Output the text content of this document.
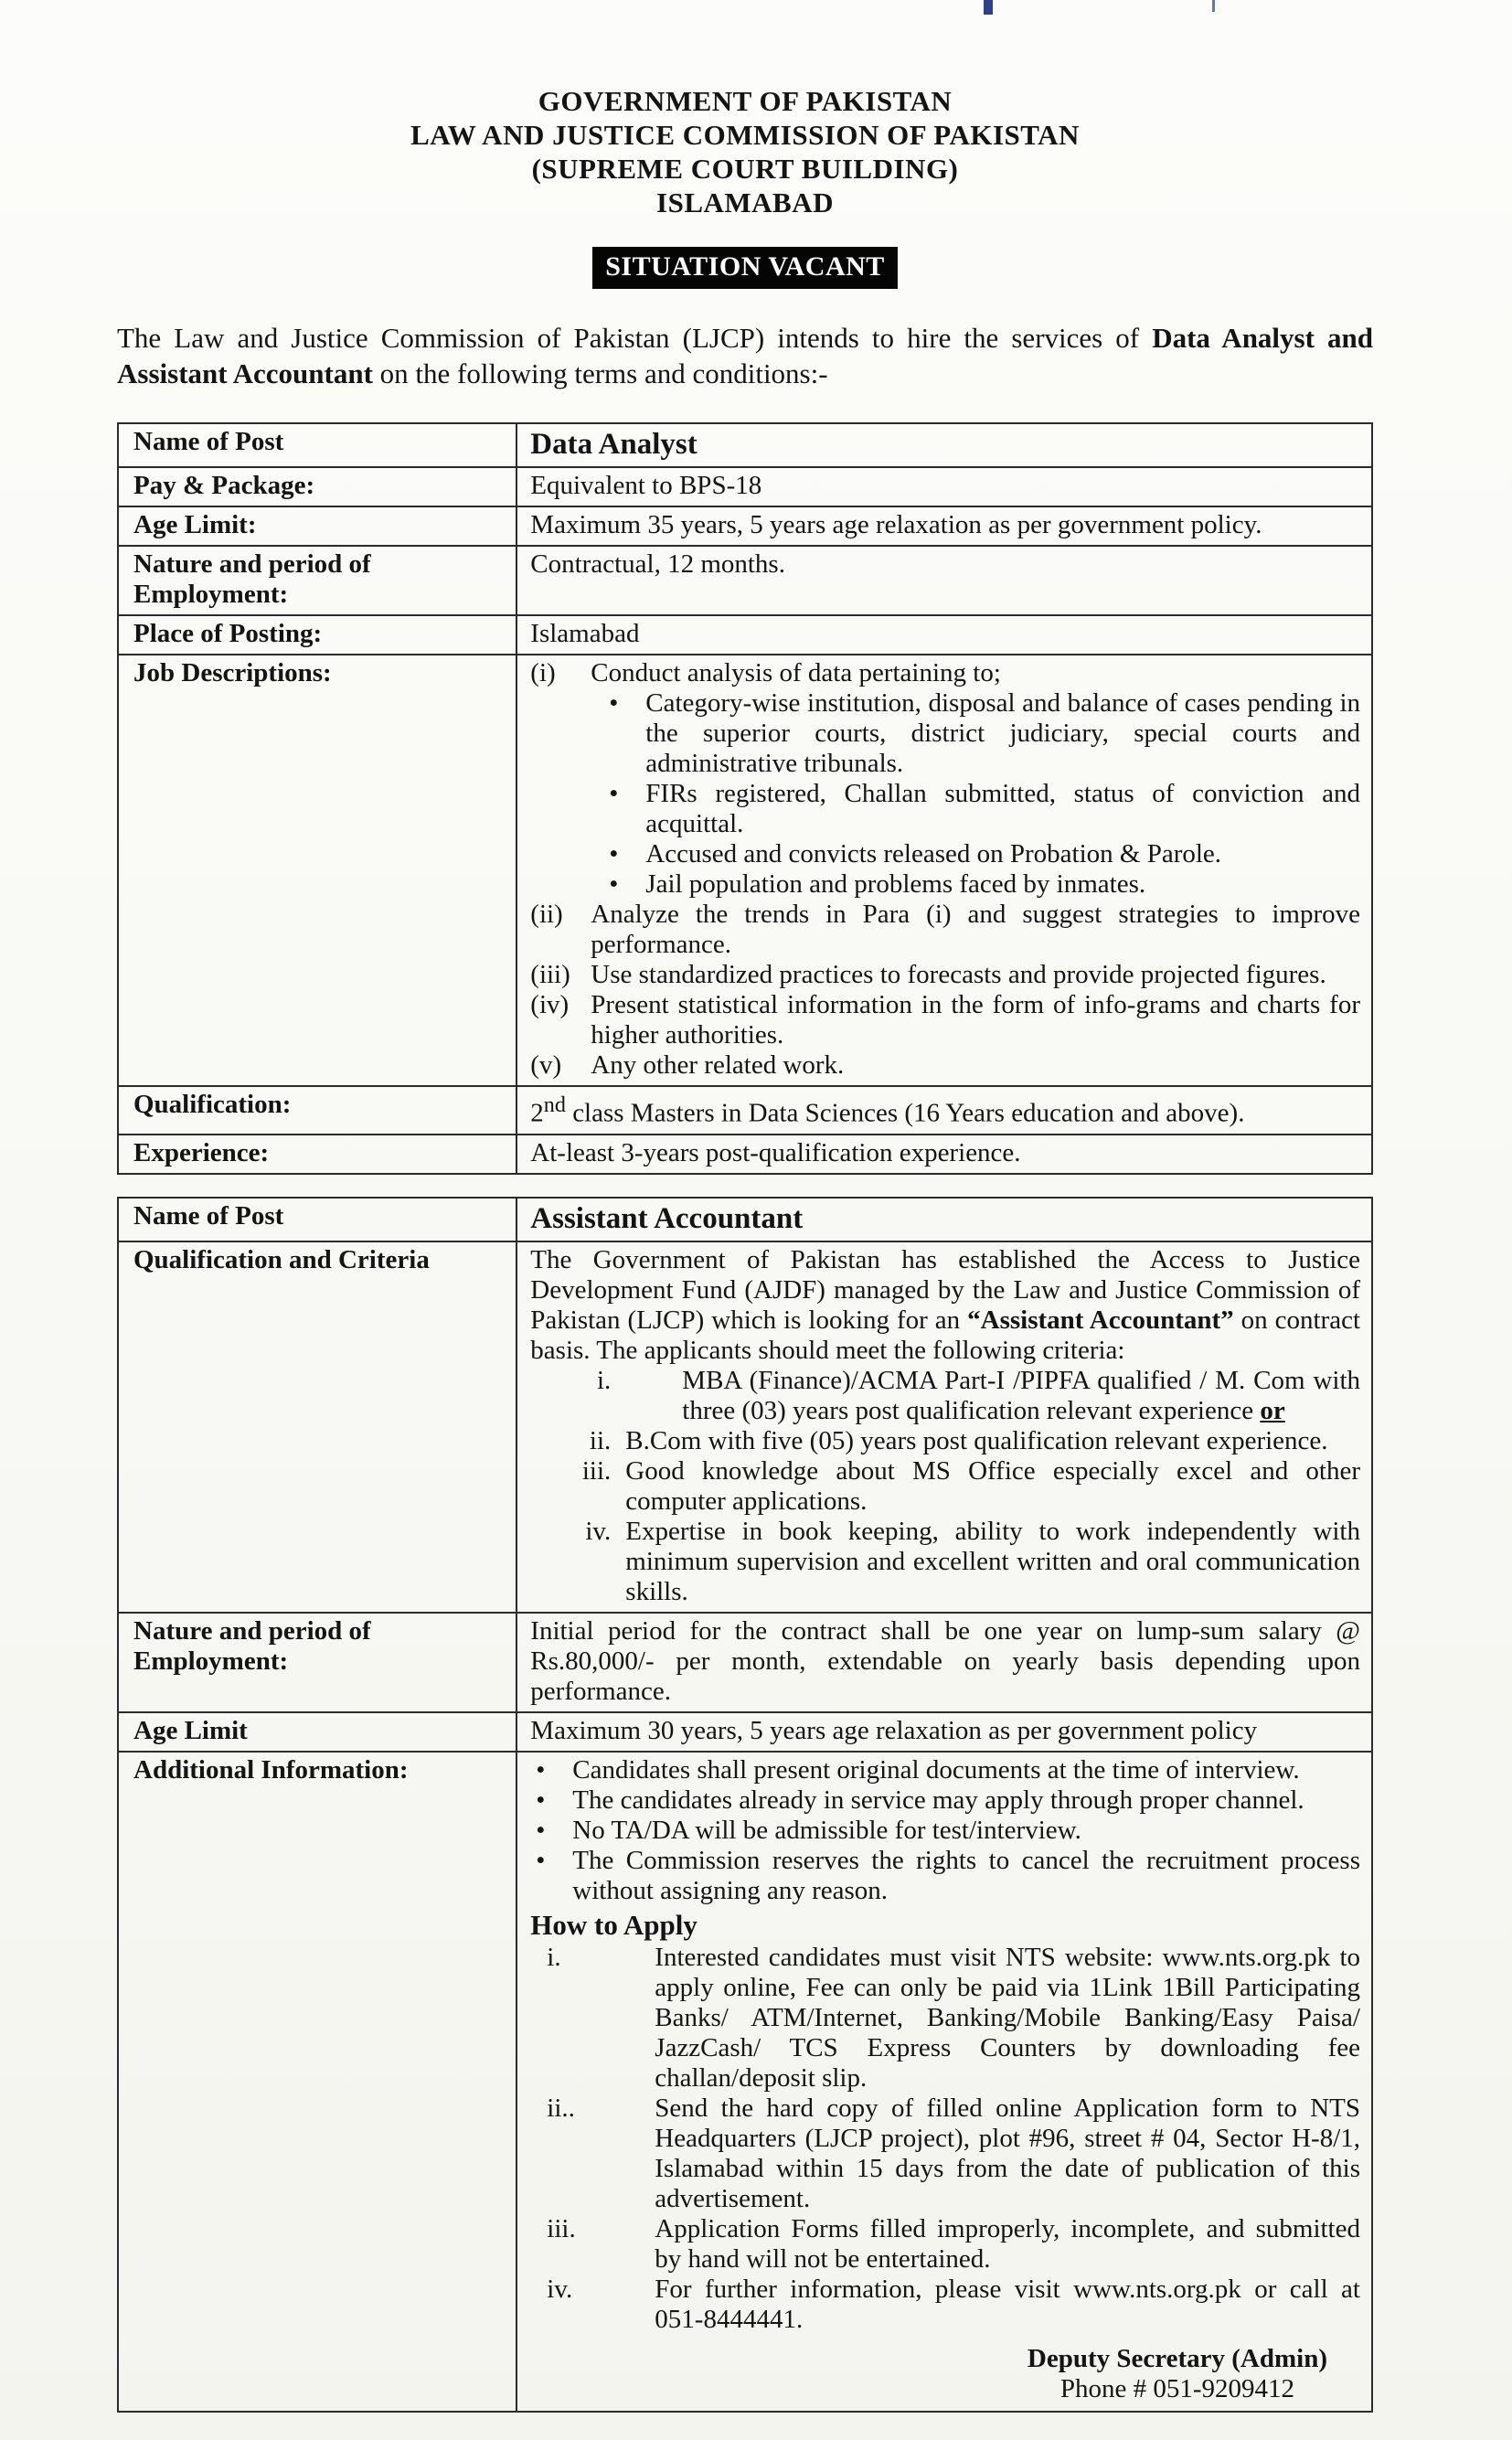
GOVERNMENT OF PAKISTAN
LAW AND JUSTICE COMMISSION OF PAKISTAN
(SUPREME COURT BUILDING)
ISLAMABAD
SITUATION VACANT

The Law and Justice Commission of Pakistan (LJCP) intends to hire the services of Data Analyst and Assistant Accountant on the following terms and conditions:-

Name of Post	Data Analyst
Pay & Package:	Equivalent to BPS-18
Age Limit:	Maximum 35 years, 5 years age relaxation as per government policy.
Nature and period of Employment:	Contractual, 12 months.
Place of Posting:	Islamabad
Job Descriptions:	(i)	Conduct analysis of data pertaining to;
•	Category-wise institution, disposal and balance of cases pending in the superior courts, district judiciary, special courts and administrative tribunals.
•	FIRs registered, Challan submitted, status of conviction and acquittal.
•	Accused and convicts released on Probation & Parole.
•	Jail population and problems faced by inmates.
(ii)	Analyze the trends in Para (i) and suggest strategies to improve performance.
(iii) Use standardized practices to forecasts and provide projected figures.
(iv) Present statistical information in the form of info-grams and charts for higher authorities.
(v)	Any other related work.

Qualification:	2nd class Masters in Data Sciences (16 Years education and above).
Experience:	At-least 3-years post-qualification experience.
Name of Post	Assistant Accountant
Qualification and Criteria	The Government of Pakistan has established the Access to Justice Development Fund (AJDF) managed by the Law and Justice Commission of Pakistan (LJCP) which is looking for an “Assistant Accountant” on contract basis. The applicants should meet the following criteria:
i.	MBA (Finance)/ACMA Part-I /PIPFA qualified / M. Com with three (03) years post qualification relevant experience or
ii. B.Com with five (05) years post qualification relevant experience.
iii. Good knowledge about MS Office especially excel and other computer applications.
iv. Expertise in book keeping, ability to work independently with minimum supervision and excellent written and oral communication skills.

Nature and period of Employment:	Initial period for the contract shall be one year on lump-sum salary @ Rs.80,000/- per month, extendable on yearly basis depending upon performance.
Age Limit	Maximum 30 years, 5 years age relaxation as per government policy
Additional Information:	•	Candidates shall present original documents at the time of interview.
•	The candidates already in service may apply through proper channel.
•	No TA/DA will be admissible for test/interview.
•	The Commission reserves the rights to cancel the recruitment process without assigning any reason.
How to Apply
i.	Interested candidates must visit NTS website: www.nts.org.pk to apply online, Fee can only be paid via 1Link 1Bill Participating Banks/ ATM/Internet, Banking/Mobile Banking/Easy Paisa/ JazzCash/ TCS Express Counters by downloading fee challan/deposit slip.
ii..	Send the hard copy of filled online Application form to NTS Headquarters (LJCP project), plot #96, street # 04, Sector H-8/1, Islamabad within 15 days from the date of publication of this advertisement.
iii.	Application Forms filled improperly, incomplete, and submitted by hand will not be entertained.
iv.	For further information, please visit www.nts.org.pk or call at 051-8444441.
Deputy Secretary (Admin)
Phone # 051-9209412
